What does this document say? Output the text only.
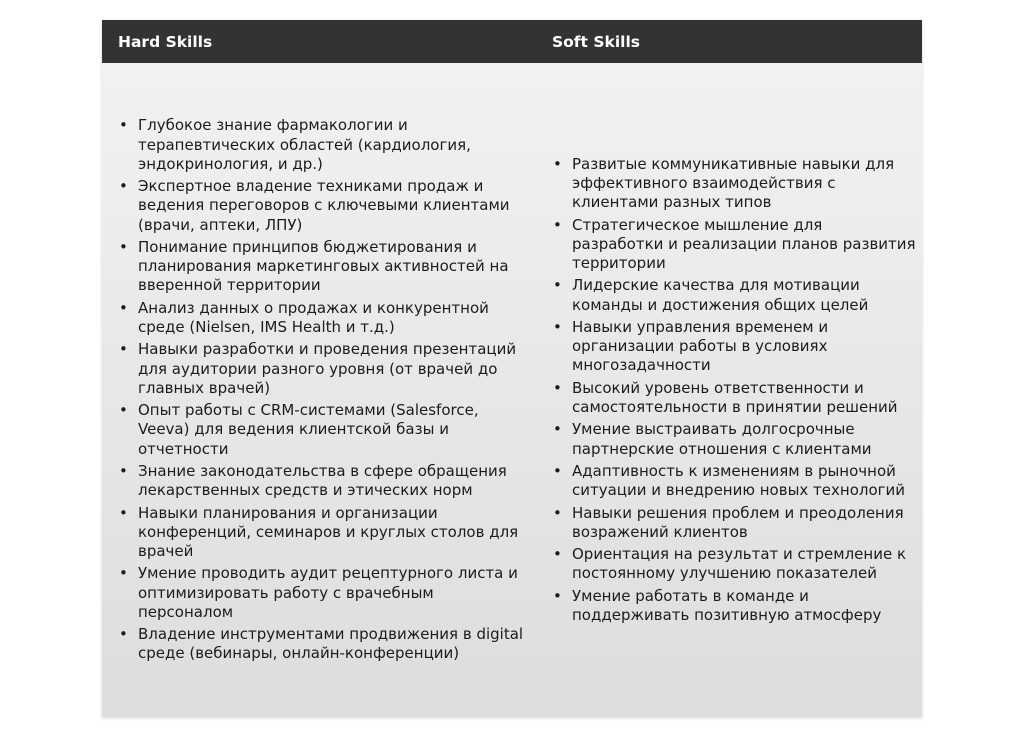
Hard Skills	Soft Skills
• Глубокое знание фармакологии и терапевтических областей (кардиология, эндокринология, и др.)
• Экспертное владение техниками продаж и ведения переговоров с ключевыми клиентами (врачи, аптеки, ЛПУ)
• Понимание принципов бюджетирования и планирования маркетинговых активностей на вверенной территории
• Анализ данных о продажах и конкурентной среде (Nielsen, IMS Health и т.д.)
• Навыки разработки и проведения презентаций для аудитории разного уровня (от врачей до главных врачей)
• Опыт работы с CRM-системами (Salesforce, Veeva) для ведения клиентской базы и отчетности
• Знание законодательства в сфере обращения лекарственных средств и этических норм
• Навыки планирования и организации конференций, семинаров и круглых столов для врачей
• Умение проводить аудит рецептурного листа и оптимизировать работу с врачебным персоналом
• Владение инструментами продвижения в digital среде (вебинары, онлайн-конференции)
• Развитые коммуникативные навыки для эффективного взаимодействия с клиентами разных типов
• Стратегическое мышление для разработки и реализации планов развития территории
• Лидерские качества для мотивации команды и достижения общих целей
• Навыки управления временем и организации работы в условиях многозадачности
• Высокий уровень ответственности и самостоятельности в принятии решений
• Умение выстраивать долгосрочные партнерские отношения с клиентами
• Адаптивность к изменениям в рыночной ситуации и внедрению новых технологий
• Навыки решения проблем и преодоления возражений клиентов
• Ориентация на результат и стремление к постоянному улучшению показателей
• Умение работать в команде и поддерживать позитивную атмосферу
